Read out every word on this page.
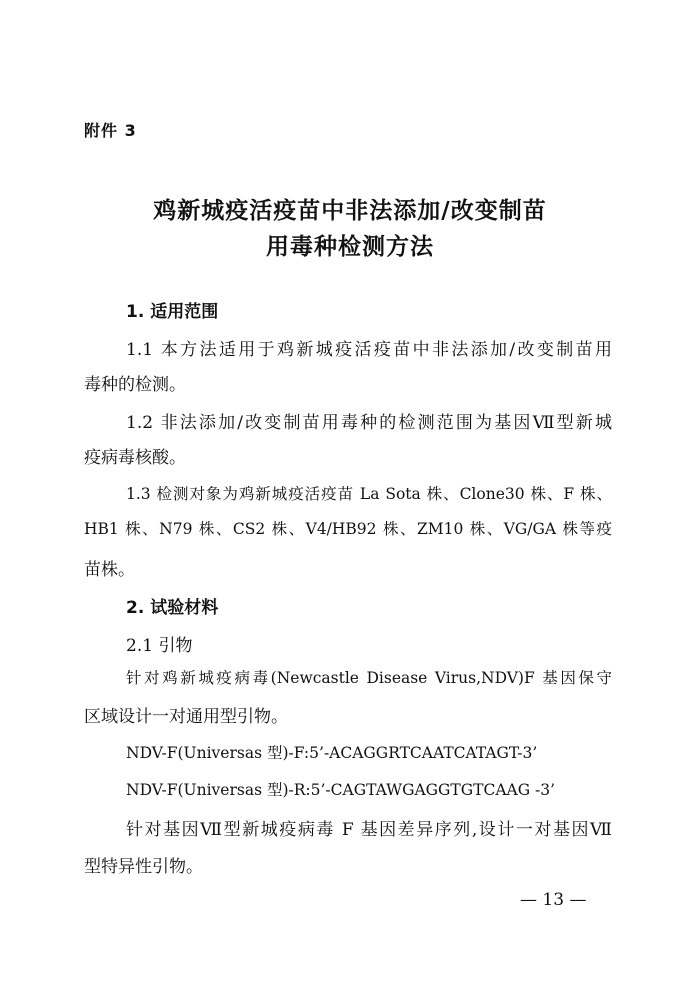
附件 3
鸡新城疫活疫苗中非法添加/改变制苗
用毒种检测方法
1. 适用范围
1.1 本方法适用于鸡新城疫活疫苗中非法添加/改变制苗用
毒种的检测。
1.2 非法添加/改变制苗用毒种的检测范围为基因Ⅶ型新城
疫病毒核酸。
1.3 检测对象为鸡新城疫活疫苗 La Sota 株、Clone30 株、F 株、
HB1 株、N79 株、CS2 株、V4/HB92 株、ZM10 株、VG/GA 株等疫
苗株。
2. 试验材料
2.1 引物
针对鸡新城疫病毒(Newcastle Disease Virus,NDV)F 基因保守
区域设计一对通用型引物。
NDV-F(Universas 型)-F:5’-ACAGGRTCAATCATAGT-3’
NDV-F(Universas 型)-R:5’-CAGTAWGAGGTGTCAAG -3’
针对基因Ⅶ型新城疫病毒 F 基因差异序列,设计一对基因Ⅶ
型特异性引物。
— 13 —
